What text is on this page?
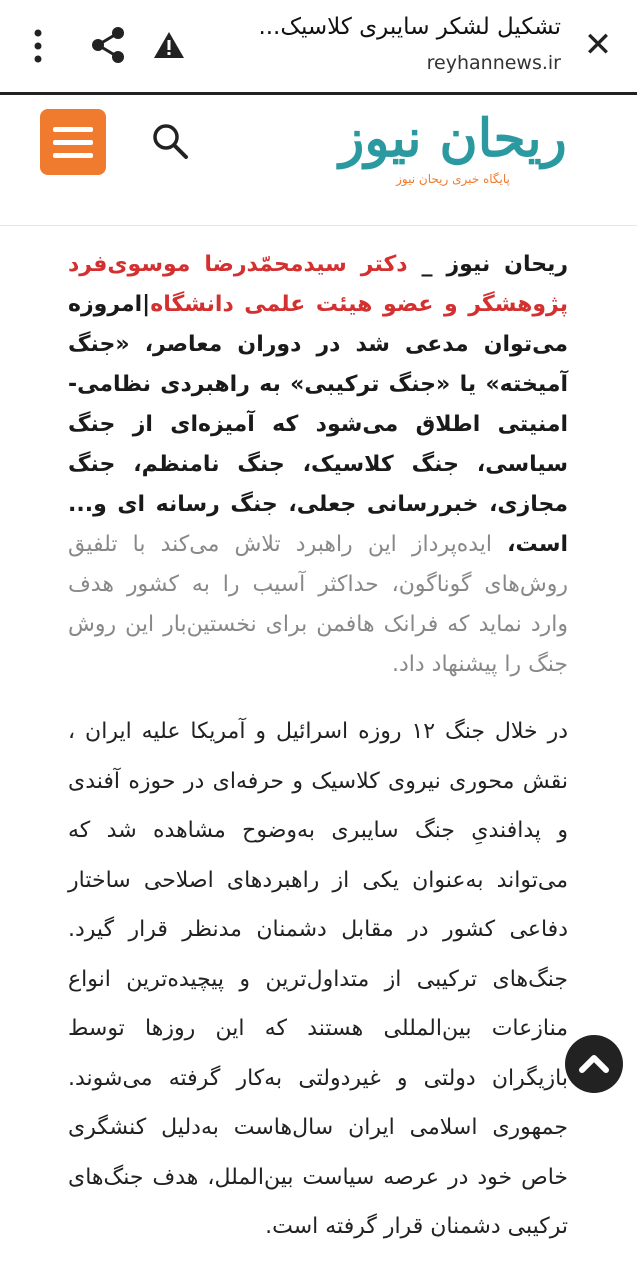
✕
تشکیل لشکر سایبری کلاسیک...
reyhannews.ir
ریحان نیوز
پایگاه خبری ریحان نیوز

ریحان نیوز _ دکتر سیدمحمّدرضا موسوی‌فرد پژوهشگر و عضو هیئت علمی دانشگاه|امروزه می‌توان مدعی شد در دوران معاصر، «جنگ آمیخته» یا «جنگ ترکیبی» به راهبردی نظامی-امنیتی اطلاق می‌شود که آمیزه‌ای از جنگ سیاسی، جنگ کلاسیک، جنگ نامنظم، جنگ مجازی، خبررسانی جعلی، جنگ رسانه ای و... است، ایده‌پرداز این راهبرد تلاش می‌کند با تلفیق روش‌های گوناگون، حداکثر آسیب را به کشور هدف وارد نماید که فرانک هافمن برای نخستین‌بار این روش جنگ را پیشنهاد داد.

در خلال جنگ ۱۲ روزه اسرائیل و آمریکا علیه ایران ، نقش محوری نیروی کلاسیک و حرفه‌ای در حوزه آفندی و پدافندیِ جنگ سایبری به‌وضوح مشاهده شد که می‌تواند به‌عنوان یکی از راهبردهای اصلاحی ساختار دفاعی کشور در مقابل دشمنان مدنظر قرار گیرد. جنگ‌های ترکیبی از متداول‌ترین و پیچیده‌ترین انواع منازعات بین‌المللی هستند که این روزها توسط بازیگران دولتی و غیردولتی به‌کار گرفته می‌شوند. جمهوری اسلامی ایران سال‌هاست به‌دلیل کنشگری خاص خود در عرصه سیاست بین‌الملل، هدف جنگ‌های ترکیبی دشمنان قرار گرفته است.
